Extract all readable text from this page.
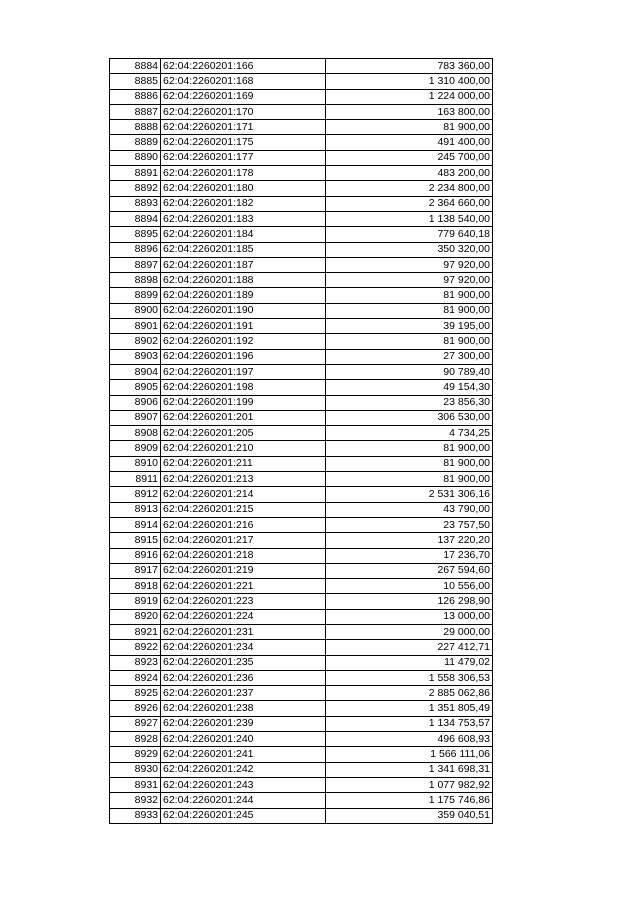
8884	62:04:2260201:166	783 360,00
8885	62:04:2260201:168	1 310 400,00
8886	62:04:2260201:169	1 224 000,00
8887	62:04:2260201:170	163 800,00
8888	62:04:2260201:171	81 900,00
8889	62:04:2260201:175	491 400,00
8890	62:04:2260201:177	245 700,00
8891	62:04:2260201:178	483 200,00
8892	62:04:2260201:180	2 234 800,00
8893	62:04:2260201:182	2 364 660,00
8894	62:04:2260201:183	1 138 540,00
8895	62:04:2260201:184	779 640,18
8896	62:04:2260201:185	350 320,00
8897	62:04:2260201:187	97 920,00
8898	62:04:2260201:188	97 920,00
8899	62:04:2260201:189	81 900,00
8900	62:04:2260201:190	81 900,00
8901	62:04:2260201:191	39 195,00
8902	62:04:2260201:192	81 900,00
8903	62:04:2260201:196	27 300,00
8904	62:04:2260201:197	90 789,40
8905	62:04:2260201:198	49 154,30
8906	62:04:2260201:199	23 856,30
8907	62:04:2260201:201	306 530,00
8908	62:04:2260201:205	4 734,25
8909	62:04:2260201:210	81 900,00
8910	62:04:2260201:211	81 900,00
8911	62:04:2260201:213	81 900,00
8912	62:04:2260201:214	2 531 306,16
8913	62:04:2260201:215	43 790,00
8914	62:04:2260201:216	23 757,50
8915	62:04:2260201:217	137 220,20
8916	62:04:2260201:218	17 236,70
8917	62:04:2260201:219	267 594,60
8918	62:04:2260201:221	10 556,00
8919	62:04:2260201:223	126 298,90
8920	62:04:2260201:224	13 000,00
8921	62:04:2260201:231	29 000,00
8922	62:04:2260201:234	227 412,71
8923	62:04:2260201:235	11 479,02
8924	62:04:2260201:236	1 558 306,53
8925	62:04:2260201:237	2 885 062,86
8926	62:04:2260201:238	1 351 805,49
8927	62:04:2260201:239	1 134 753,57
8928	62:04:2260201:240	496 608,93
8929	62:04:2260201:241	1 566 111,06
8930	62:04:2260201:242	1 341 698,31
8931	62:04:2260201:243	1 077 982,92
8932	62:04:2260201:244	1 175 746,86
8933	62:04:2260201:245	359 040,51
